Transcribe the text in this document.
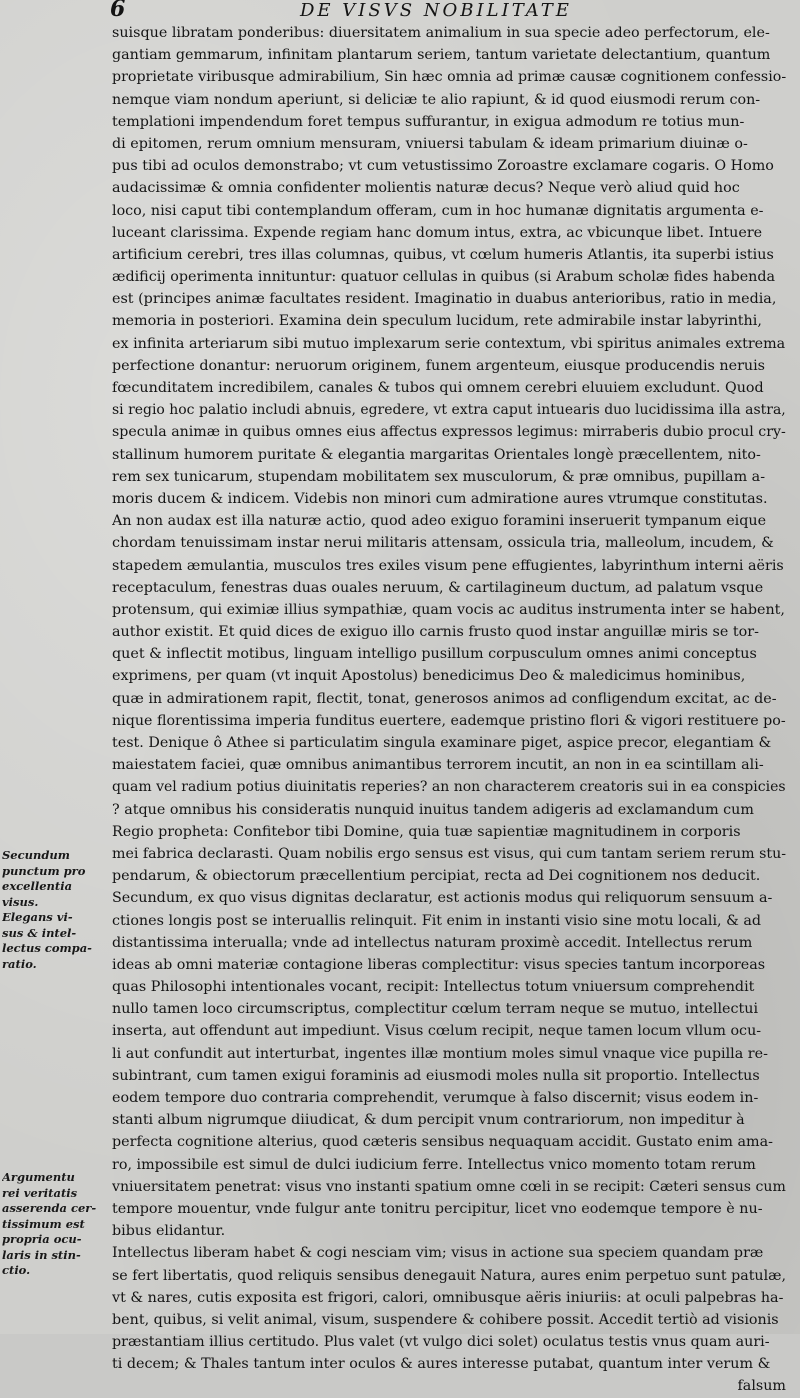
6	DE VISVS NOBILITATE
suisque libratam ponderibus: diuersitatem animalium in sua specie adeo perfectorum, ele-
gantiam gemmarum, infinitam plantarum seriem, tantum varietate delectantium, quantum
proprietate viribusque admirabilium, Sin hæc omnia ad primæ causæ cognitionem confessio-
nemque viam nondum aperiunt, si deliciæ te alio rapiunt, & id quod eiusmodi rerum con-
templationi impendendum foret tempus suffurantur, in exigua admodum re totius mun-
di epitomen, rerum omnium mensuram, vniuersi tabulam & ideam primarium diuinæ o-
pus tibi ad oculos demonstrabo; vt cum vetustissimo Zoroastre exclamare cogaris. O Homo
audacissimæ & omnia confidenter molientis naturæ decus? Neque verò aliud quid hoc
loco, nisi caput tibi contemplandum offeram, cum in hoc humanæ dignitatis argumenta e-
luceant clarissima. Expende regiam hanc domum intus, extra, ac vbicunque libet. Intuere
artificium cerebri, tres illas columnas, quibus, vt cœlum humeris Atlantis, ita superbi istius
ædificij operimenta innituntur: quatuor cellulas in quibus (si Arabum scholæ fides habenda
est (principes animæ facultates resident. Imaginatio in duabus anterioribus, ratio in media,
memoria in posteriori. Examina dein speculum lucidum, rete admirabile instar labyrinthi,
ex infinita arteriarum sibi mutuo implexarum serie contextum, vbi spiritus animales extrema
perfectione donantur: neruorum originem, funem argenteum, eiusque producendis neruis
fœcunditatem incredibilem, canales & tubos qui omnem cerebri eluuiem excludunt. Quod
si regio hoc palatio includi abnuis, egredere, vt extra caput intuearis duo lucidissima illa astra,
specula animæ in quibus omnes eius affectus expressos legimus: mirraberis dubio procul cry-
stallinum humorem puritate & elegantia margaritas Orientales longè præcellentem, nito-
rem sex tunicarum, stupendam mobilitatem sex musculorum, & præ omnibus, pupillam a-
moris ducem & indicem. Videbis non minori cum admiratione aures vtrumque constitutas.
An non audax est illa naturæ actio, quod adeo exiguo foramini inseruerit tympanum eique
chordam tenuissimam instar nerui militaris attensam, ossicula tria, malleolum, incudem, &
stapedem æmulantia, musculos tres exiles visum pene effugientes, labyrinthum interni aëris
receptaculum, fenestras duas ouales neruum, & cartilagineum ductum, ad palatum vsque
protensum, qui eximiæ illius sympathiæ, quam vocis ac auditus instrumenta inter se habent,
author existit. Et quid dices de exiguo illo carnis frusto quod instar anguillæ miris se tor-
quet & inflectit motibus, linguam intelligo pusillum corpusculum omnes animi conceptus
exprimens, per quam (vt inquit Apostolus) benedicimus Deo & maledicimus hominibus,
quæ in admirationem rapit, flectit, tonat, generosos animos ad confligendum excitat, ac de-
nique florentissima imperia funditus euertere, eademque pristino flori & vigori restituere po-
test. Denique ô Athee si particulatim singula examinare piget, aspice precor, elegantiam &
maiestatem faciei, quæ omnibus animantibus terrorem incutit, an non in ea scintillam ali-
quam vel radium potius diuinitatis reperies? an non characterem creatoris sui in ea conspicies
? atque omnibus his consideratis nunquid inuitus tandem adigeris ad exclamandum cum
Regio propheta: Confitebor tibi Domine, quia tuæ sapientiæ magnitudinem in corporis
mei fabrica declarasti. Quam nobilis ergo sensus est visus, qui cum tantam seriem rerum stu-
pendarum, & obiectorum præcellentium percipiat, recta ad Dei cognitionem nos deducit.
Secundum, ex quo visus dignitas declaratur, est actionis modus qui reliquorum sensuum a-
ctiones longis post se interuallis relinquit. Fit enim in instanti visio sine motu locali, & ad
distantissima interualla; vnde ad intellectus naturam proximè accedit. Intellectus rerum
ideas ab omni materiæ contagione liberas complectitur: visus species tantum incorporeas
quas Philosophi intentionales vocant, recipit: Intellectus totum vniuersum comprehendit
nullo tamen loco circumscriptus, complectitur cœlum terram neque se mutuo, intellectui
inserta, aut offendunt aut impediunt. Visus cœlum recipit, neque tamen locum vllum ocu-
li aut confundit aut interturbat, ingentes illæ montium moles simul vnaque vice pupilla re-
subintrant, cum tamen exigui foraminis ad eiusmodi moles nulla sit proportio. Intellectus
eodem tempore duo contraria comprehendit, verumque à falso discernit; visus eodem in-
stanti album nigrumque diiudicat, & dum percipit vnum contrariorum, non impeditur à
perfecta cognitione alterius, quod cæteris sensibus nequaquam accidit. Gustato enim ama-
ro, impossibile est simul de dulci iudicium ferre. Intellectus vnico momento totam rerum
vniuersitatem penetrat: visus vno instanti spatium omne cœli in se recipit: Cæteri sensus cum
tempore mouentur, vnde fulgur ante tonitru percipitur, licet vno eodemque tempore è nu-
bibus elidantur.
Intellectus liberam habet & cogi nesciam vim; visus in actione sua speciem quandam præ
se fert libertatis, quod reliquis sensibus denegauit Natura, aures enim perpetuo sunt patulæ,
vt & nares, cutis exposita est frigori, calori, omnibusque aëris iniuriis: at oculi palpebras ha-
bent, quibus, si velit animal, visum, suspendere & cohibere possit. Accedit tertiò ad visionis
præstantiam illius certitudo. Plus valet (vt vulgo dici solet) oculatus testis vnus quam auri-
ti decem; & Thales tantum inter oculos & aures interesse putabat, quantum inter verum &
falsum
Secundum
punctum pro
excellentia
visus.
Elegans vi-
sus & intel-
lectus compa-
ratio.
Argumentu
rei veritatis
asserenda cer-
tissimum est
propria ocu-
laris in stin-
ctio.
